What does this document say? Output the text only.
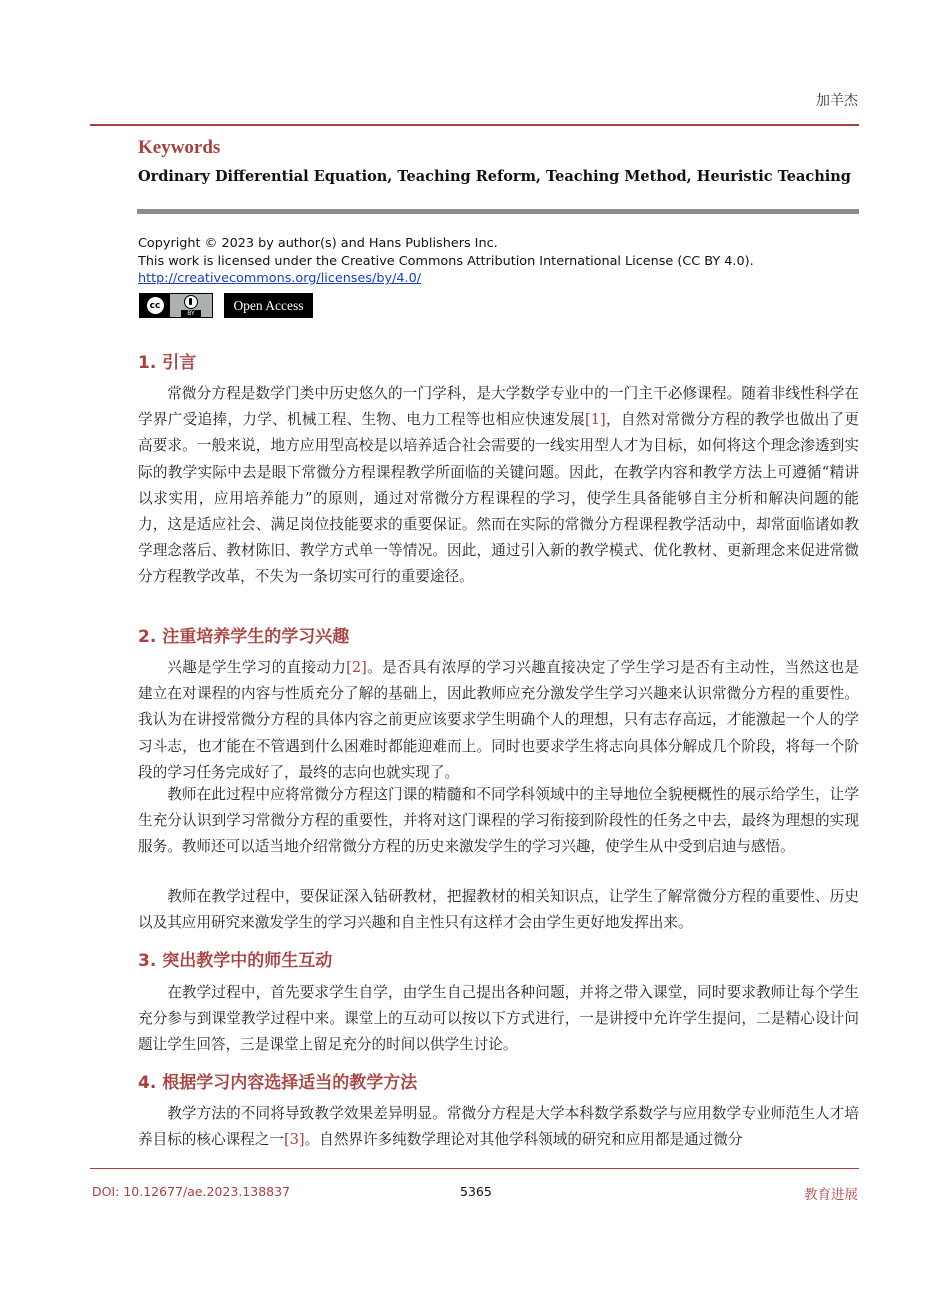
加羊杰
Keywords
Ordinary Differential Equation, Teaching Reform, Teaching Method, Heuristic Teaching
Copyright © 2023 by author(s) and Hans Publishers Inc.
This work is licensed under the Creative Commons Attribution International License (CC BY 4.0).
http://creativecommons.org/licenses/by/4.0/
cc
BY
Open Access
1. 引言
常微分方程是数学门类中历史悠久的一门学科，是大学数学专业中的一门主干必修课程。随着非线性科学在学界广受追捧，力学、机械工程、生物、电力工程等也相应快速发展[1]，自然对常微分方程的教学也做出了更高要求。一般来说，地方应用型高校是以培养适合社会需要的一线实用型人才为目标，如何将这个理念渗透到实际的教学实际中去是眼下常微分方程课程教学所面临的关键问题。因此，在教学内容和教学方法上可遵循“精讲以求实用，应用培养能力”的原则，通过对常微分方程课程的学习，使学生具备能够自主分析和解决问题的能力，这是适应社会、满足岗位技能要求的重要保证。然而在实际的常微分方程课程教学活动中，却常面临诸如教学理念落后、教材陈旧、教学方式单一等情况。因此，通过引入新的教学模式、优化教材、更新理念来促进常微分方程教学改革，不失为一条切实可行的重要途径。
2. 注重培养学生的学习兴趣
兴趣是学生学习的直接动力[2]。是否具有浓厚的学习兴趣直接决定了学生学习是否有主动性，当然这也是建立在对课程的内容与性质充分了解的基础上，因此教师应充分激发学生学习兴趣来认识常微分方程的重要性。我认为在讲授常微分方程的具体内容之前更应该要求学生明确个人的理想，只有志存高远，才能激起一个人的学习斗志，也才能在不管遇到什么困难时都能迎难而上。同时也要求学生将志向具体分解成几个阶段，将每一个阶段的学习任务完成好了，最终的志向也就实现了。
教师在此过程中应将常微分方程这门课的精髓和不同学科领域中的主导地位全貌梗概性的展示给学生，让学生充分认识到学习常微分方程的重要性，并将对这门课程的学习衔接到阶段性的任务之中去，最终为理想的实现服务。教师还可以适当地介绍常微分方程的历史来激发学生的学习兴趣，使学生从中受到启迪与感悟。
教师在教学过程中，要保证深入钻研教材，把握教材的相关知识点，让学生了解常微分方程的重要性、历史以及其应用研究来激发学生的学习兴趣和自主性只有这样才会由学生更好地发挥出来。
3. 突出教学中的师生互动
在教学过程中，首先要求学生自学，由学生自己提出各种问题，并将之带入课堂，同时要求教师让每个学生充分参与到课堂教学过程中来。课堂上的互动可以按以下方式进行，一是讲授中允许学生提问，二是精心设计问题让学生回答，三是课堂上留足充分的时间以供学生讨论。
4. 根据学习内容选择适当的教学方法
教学方法的不同将导致教学效果差异明显。常微分方程是大学本科数学系数学与应用数学专业师范生人才培养目标的核心课程之一[3]。自然界许多纯数学理论对其他学科领域的研究和应用都是通过微分
DOI: 10.12677/ae.2023.138837	5365	教育进展
